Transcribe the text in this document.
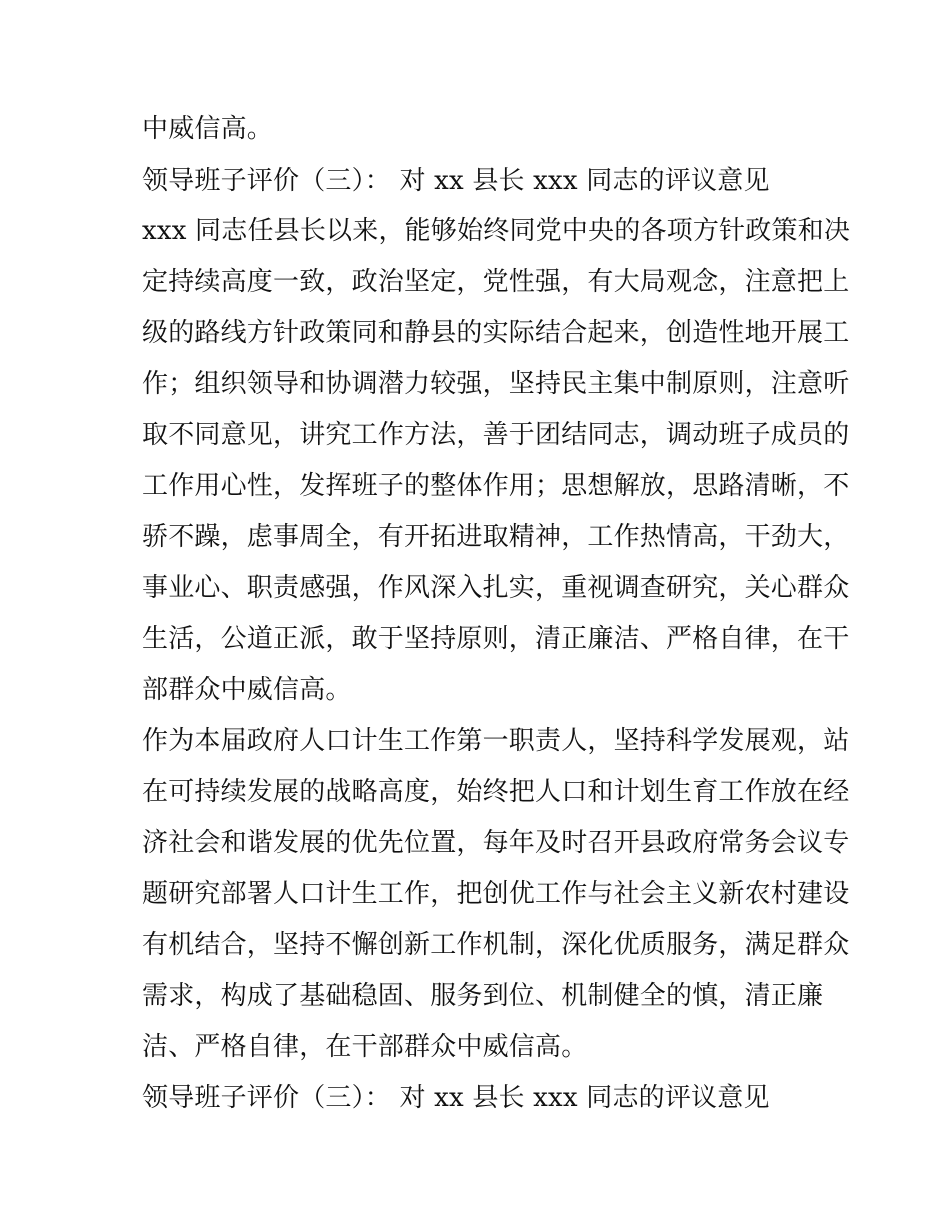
中威信高。
领导班子评价（三）： 对 xx 县长 xxx 同志的评议意见
xxx 同志任县长以来，能够始终同党中央的各项方针政策和决
定持续高度一致，政治坚定，党性强，有大局观念，注意把上
级的路线方针政策同和静县的实际结合起来，创造性地开展工
作；组织领导和协调潜力较强，坚持民主集中制原则，注意听
取不同意见，讲究工作方法，善于团结同志，调动班子成员的
工作用心性，发挥班子的整体作用；思想解放，思路清晰，不
骄不躁，虑事周全，有开拓进取精神，工作热情高，干劲大，
事业心、职责感强，作风深入扎实，重视调查研究，关心群众
生活，公道正派，敢于坚持原则，清正廉洁、严格自律，在干
部群众中威信高。
作为本届政府人口计生工作第一职责人，坚持科学发展观，站
在可持续发展的战略高度，始终把人口和计划生育工作放在经
济社会和谐发展的优先位置，每年及时召开县政府常务会议专
题研究部署人口计生工作，把创优工作与社会主义新农村建设
有机结合，坚持不懈创新工作机制，深化优质服务，满足群众
需求，构成了基础稳固、服务到位、机制健全的慎，清正廉
洁、严格自律，在干部群众中威信高。
领导班子评价（三）： 对 xx 县长 xxx 同志的评议意见
